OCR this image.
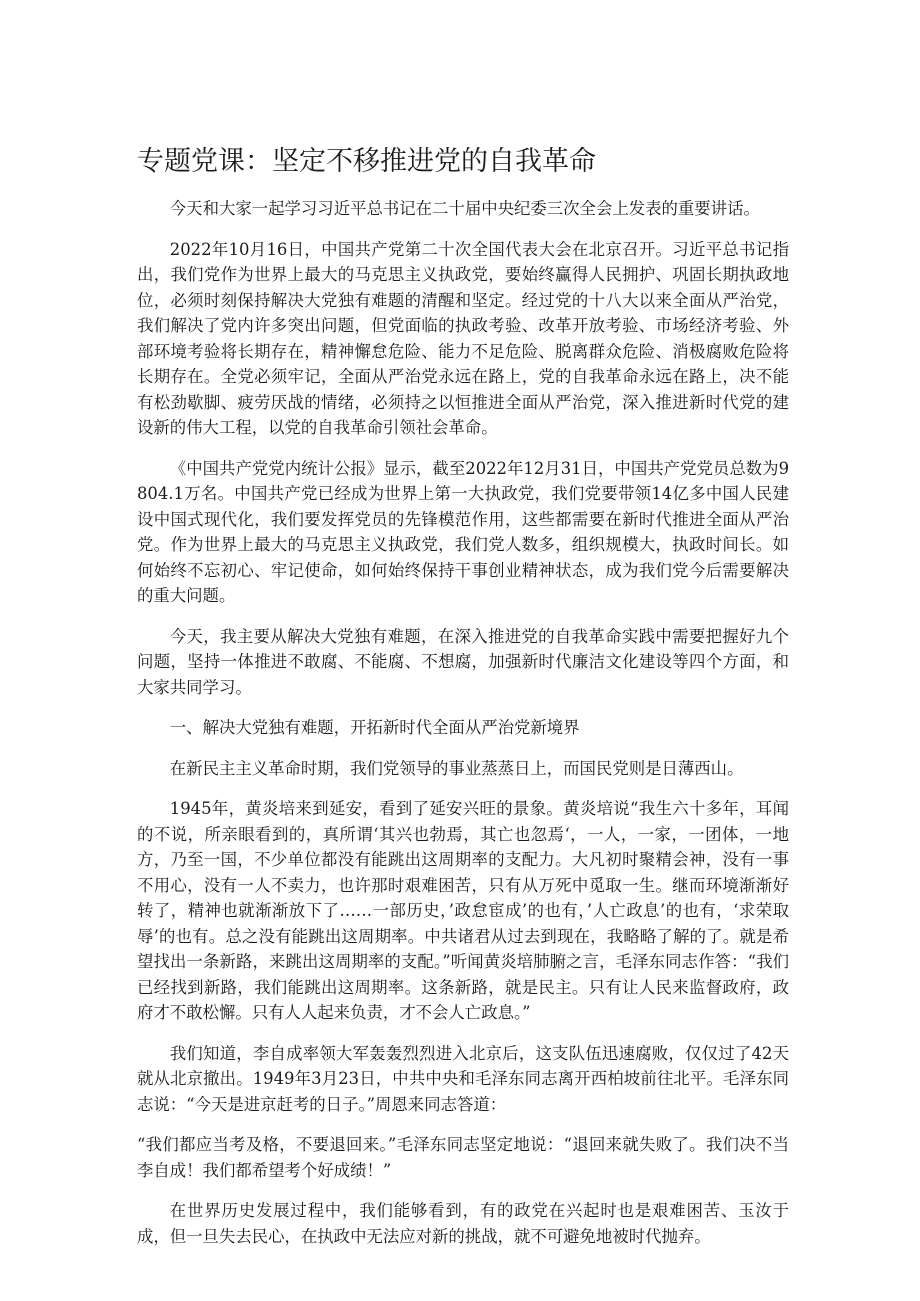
专题党课：坚定不移推进党的自我革命

今天和大家一起学习习近平总书记在二十届中央纪委三次全会上发表的重要讲话。

2022年10月16日，中国共产党第二十次全国代表大会在北京召开。习近平总书记指出，我们党作为世界上最大的马克思主义执政党，要始终赢得人民拥护、巩固长期执政地位，必须时刻保持解决大党独有难题的清醒和坚定。经过党的十八大以来全面从严治党，我们解决了党内许多突出问题，但党面临的执政考验、改革开放考验、市场经济考验、外部环境考验将长期存在，精神懈怠危险、能力不足危险、脱离群众危险、消极腐败危险将长期存在。全党必须牢记，全面从严治党永远在路上，党的自我革命永远在路上，决不能有松劲歇脚、疲劳厌战的情绪，必须持之以恒推进全面从严治党，深入推进新时代党的建设新的伟大工程，以党的自我革命引领社会革命。

《中国共产党党内统计公报》显示，截至2022年12月31日，中国共产党党员总数为9804.1万名。中国共产党已经成为世界上第一大执政党，我们党要带领14亿多中国人民建设中国式现代化，我们要发挥党员的先锋模范作用，这些都需要在新时代推进全面从严治党。作为世界上最大的马克思主义执政党，我们党人数多，组织规模大，执政时间长。如何始终不忘初心、牢记使命，如何始终保持干事创业精神状态，成为我们党今后需要解决的重大问题。

今天，我主要从解决大党独有难题，在深入推进党的自我革命实践中需要把握好九个问题，坚持一体推进不敢腐、不能腐、不想腐，加强新时代廉洁文化建设等四个方面，和大家共同学习。

一、解决大党独有难题，开拓新时代全面从严治党新境界

在新民主主义革命时期，我们党领导的事业蒸蒸日上，而国民党则是日薄西山。

1945年，黄炎培来到延安，看到了延安兴旺的景象。黄炎培说“我生六十多年，耳闻的不说，所亲眼看到的，真所谓‘其兴也勃焉，其亡也忽焉‘，一人，一家，一团体，一地方，乃至一国，不少单位都没有能跳出这周期率的支配力。大凡初时聚精会神，没有一事不用心，没有一人不卖力，也许那时艰难困苦，只有从万死中觅取一生。继而环境渐渐好转了，精神也就渐渐放下了……一部历史，’政怠宦成’的也有，’人亡政息’的也有，‘求荣取辱’的也有。总之没有能跳出这周期率。中共诸君从过去到现在，我略略了解的了。就是希望找出一条新路，来跳出这周期率的支配。”听闻黄炎培肺腑之言，毛泽东同志作答：“我们已经找到新路，我们能跳出这周期率。这条新路，就是民主。只有让人民来监督政府，政府才不敢松懈。只有人人起来负责，才不会人亡政息。”

我们知道，李自成率领大军轰轰烈烈进入北京后，这支队伍迅速腐败，仅仅过了42天就从北京撤出。1949年3月23日，中共中央和毛泽东同志离开西柏坡前往北平。毛泽东同志说：“今天是进京赶考的日子。”周恩来同志答道：

“我们都应当考及格，不要退回来。”毛泽东同志坚定地说：“退回来就失败了。我们决不当李自成！我们都希望考个好成绩！”

在世界历史发展过程中，我们能够看到，有的政党在兴起时也是艰难困苦、玉汝于成，但一旦失去民心，在执政中无法应对新的挑战，就不可避免地被时代抛弃。
